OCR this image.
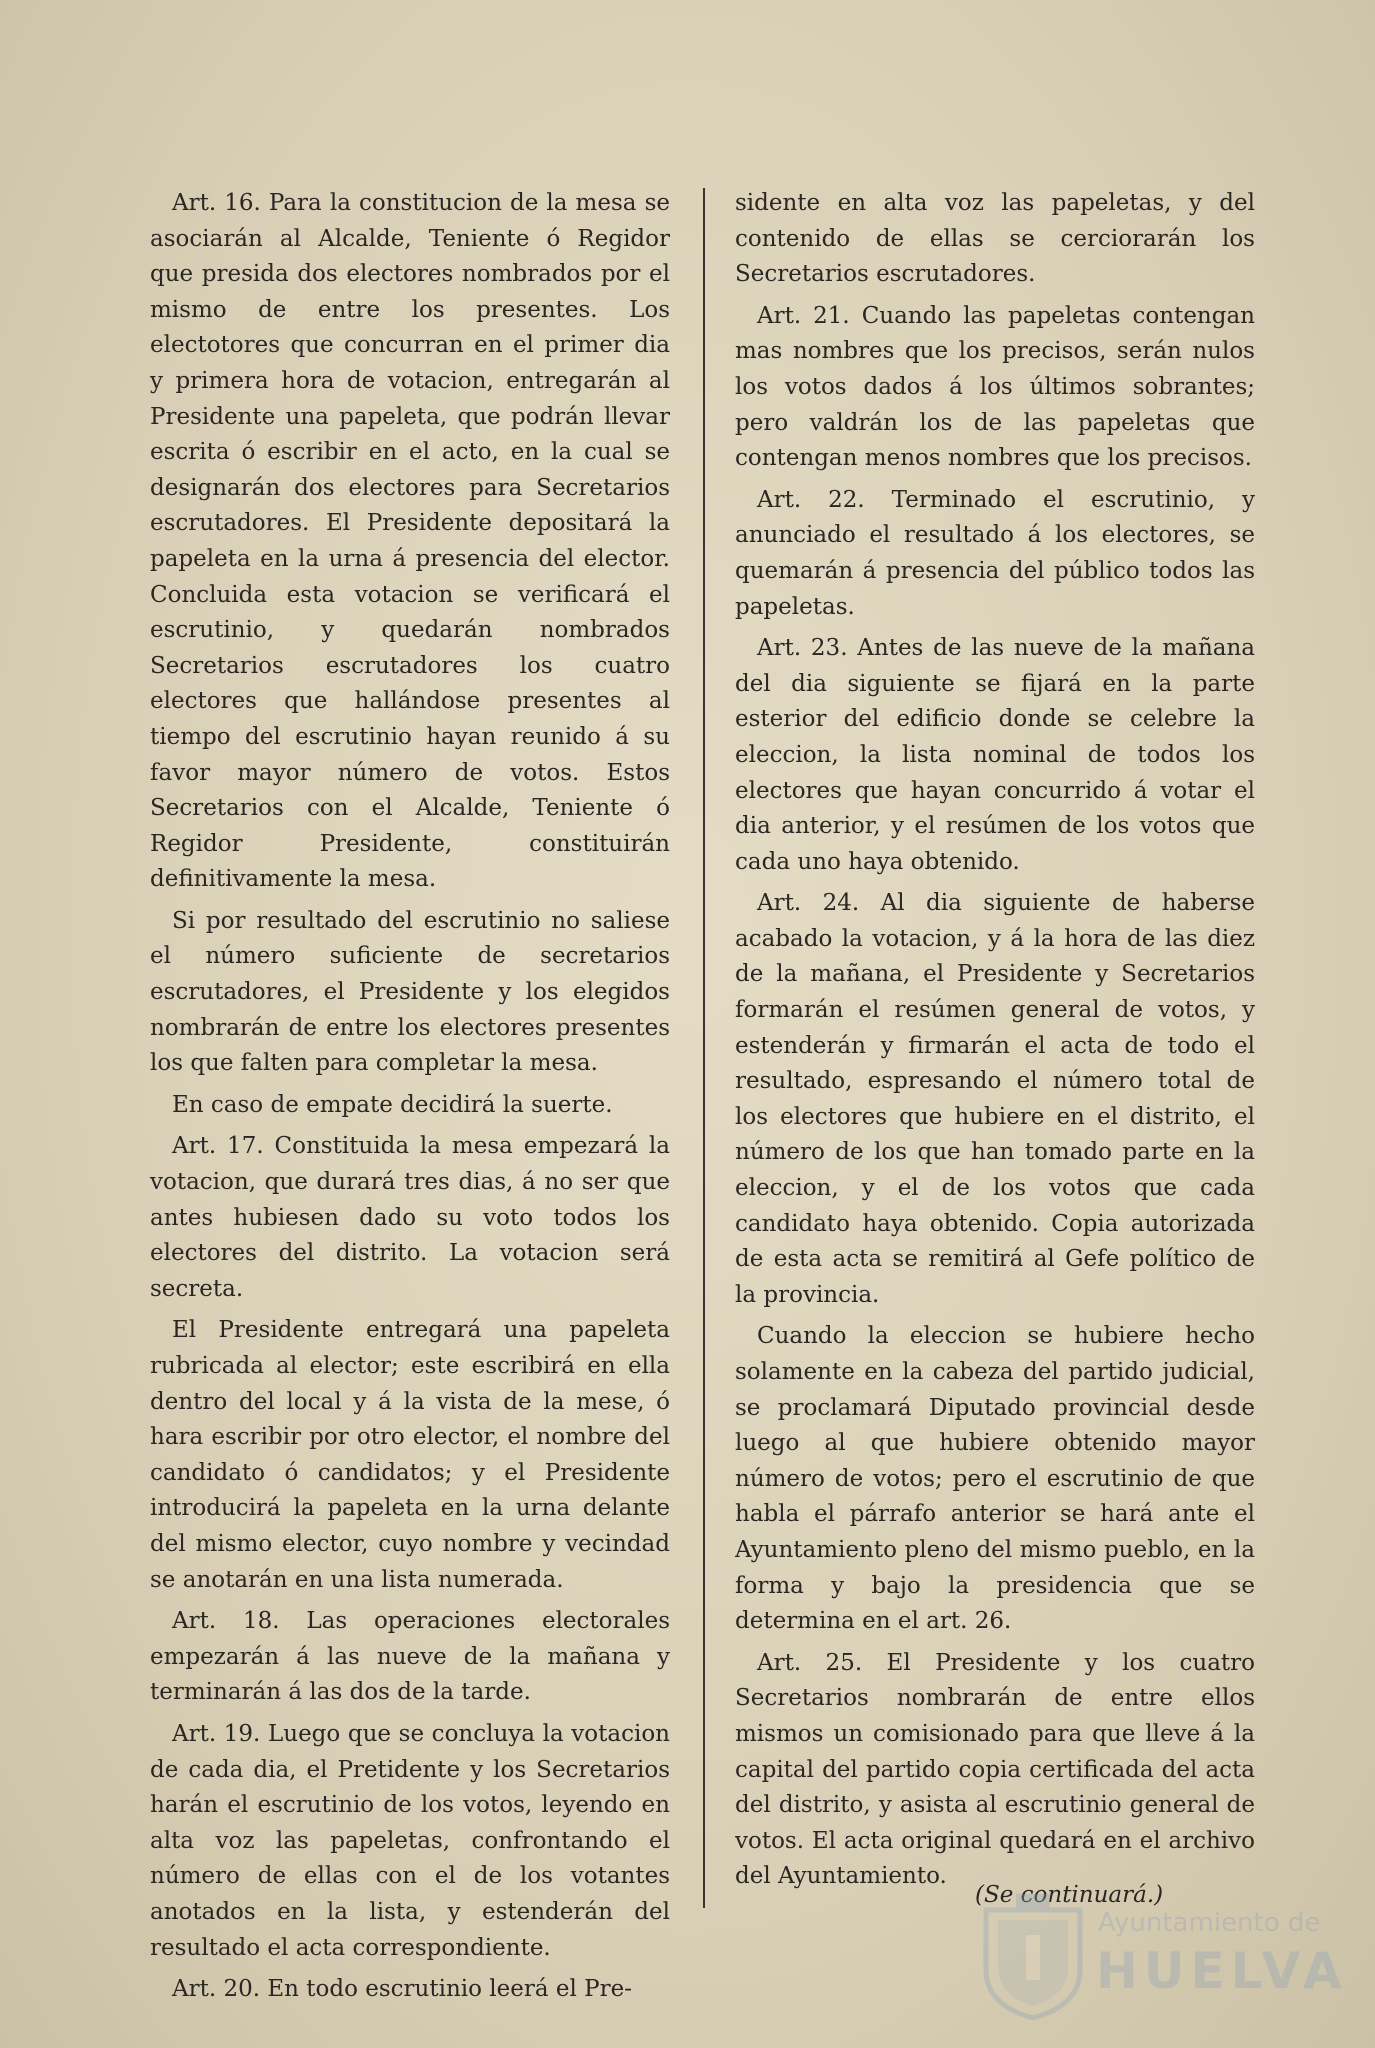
Art. 16. Para la constitucion de la mesa se asociarán al Alcalde, Teniente ó Regidor que presida dos electores nombrados por el mismo de entre los presentes. Los electotores que concurran en el primer dia y primera hora de votacion, entregarán al Presidente una papeleta, que podrán llevar escrita ó escribir en el acto, en la cual se designarán dos electores para Secretarios escrutadores. El Presidente depositará la papeleta en la urna á presencia del elector. Concluida esta votacion se verificará el escrutinio, y quedarán nombrados Secretarios escrutadores los cuatro electores que hallándose presentes al tiempo del escrutinio hayan reunido á su favor mayor número de votos. Estos Secretarios con el Alcalde, Teniente ó Regidor Presidente, constituirán definitivamente la mesa.

Si por resultado del escrutinio no saliese el número suficiente de secretarios escrutadores, el Presidente y los elegidos nombrarán de entre los electores presentes los que falten para completar la mesa.

En caso de empate decidirá la suerte.

Art. 17. Constituida la mesa empezará la votacion, que durará tres dias, á no ser que antes hubiesen dado su voto todos los electores del distrito. La votacion será secreta.

El Presidente entregará una papeleta rubricada al elector; este escribirá en ella dentro del local y á la vista de la mese, ó hara escribir por otro elector, el nombre del candidato ó candidatos; y el Presidente introducirá la papeleta en la urna delante del mismo elector, cuyo nombre y vecindad se anotarán en una lista numerada.

Art. 18. Las operaciones electorales empezarán á las nueve de la mañana y terminarán á las dos de la tarde.

Art. 19. Luego que se concluya la votacion de cada dia, el Pretidente y los Secretarios harán el escrutinio de los votos, leyendo en alta voz las papeletas, confrontando el número de ellas con el de los votantes anotados en la lista, y estenderán del resultado el acta correspondiente.

Art. 20. En todo escrutinio leerá el Pre-

sidente en alta voz las papeletas, y del contenido de ellas se cerciorarán los Secretarios escrutadores.

Art. 21. Cuando las papeletas contengan mas nombres que los precisos, serán nulos los votos dados á los últimos sobrantes; pero valdrán los de las papeletas que contengan menos nombres que los precisos.

Art. 22. Terminado el escrutinio, y anunciado el resultado á los electores, se quemarán á presencia del público todos las papeletas.

Art. 23. Antes de las nueve de la mañana del dia siguiente se fijará en la parte esterior del edificio donde se celebre la eleccion, la lista nominal de todos los electores que hayan concurrido á votar el dia anterior, y el resúmen de los votos que cada uno haya obtenido.

Art. 24. Al dia siguiente de haberse acabado la votacion, y á la hora de las diez de la mañana, el Presidente y Secretarios formarán el resúmen general de votos, y estenderán y firmarán el acta de todo el resultado, espresando el número total de los electores que hubiere en el distrito, el número de los que han tomado parte en la eleccion, y el de los votos que cada candidato haya obtenido. Copia autorizada de esta acta se remitirá al Gefe político de la provincia.

Cuando la eleccion se hubiere hecho solamente en la cabeza del partido judicial, se proclamará Diputado provincial desde luego al que hubiere obtenido mayor número de votos; pero el escrutinio de que habla el párrafo anterior se hará ante el Ayuntamiento pleno del mismo pueblo, en la forma y bajo la presidencia que se determina en el art. 26.

Art. 25. El Presidente y los cuatro Secretarios nombrarán de entre ellos mismos un comisionado para que lleve á la capital del partido copia certificada del acta del distrito, y asista al escrutinio general de votos. El acta original quedará en el archivo del Ayuntamiento.

(Se continuará.)
Ayuntamiento de
HUELVA
